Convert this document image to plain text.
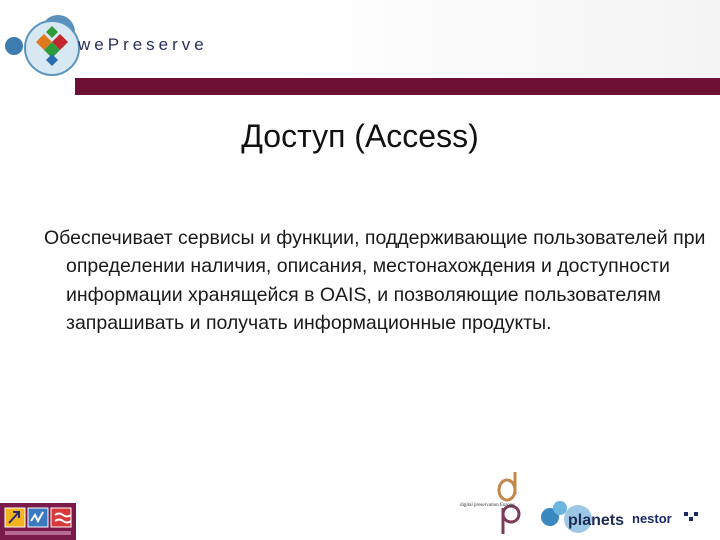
wePreserve
Доступ (Access)

Обеспечивает сервисы и функции, поддерживающие пользователей при определении наличия, описания, местонахождения и доступности информации хранящейся в OAIS, и позволяющие пользователям запрашивать и получать информационные продукты.

digital preservation Europe
planets nestor
